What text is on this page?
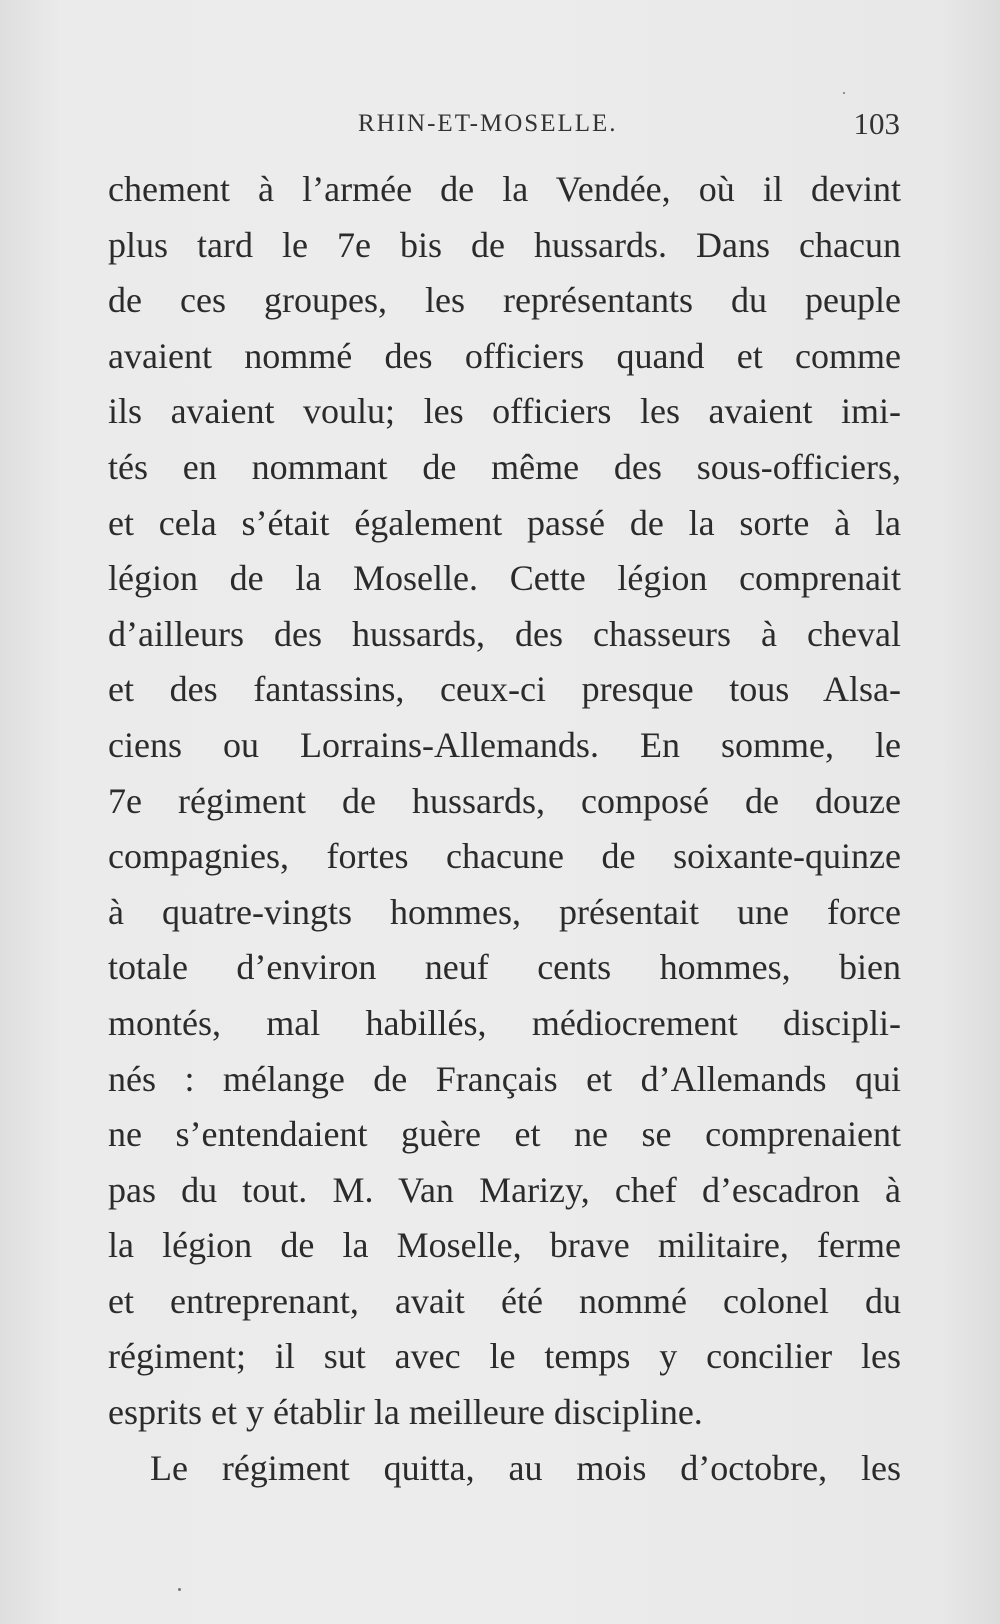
RHIN-ET-MOSELLE.	103
chement à l’armée de la Vendée, où il devint
plus tard le 7e bis de hussards. Dans chacun
de ces groupes, les représentants du peuple
avaient nommé des officiers quand et comme
ils avaient voulu; les officiers les avaient imi-
tés en nommant de même des sous-officiers,
et cela s’était également passé de la sorte à la
légion de la Moselle. Cette légion comprenait
d’ailleurs des hussards, des chasseurs à cheval
et des fantassins, ceux-ci presque tous Alsa-
ciens ou Lorrains-Allemands. En somme, le
7e régiment de hussards, composé de douze
compagnies, fortes chacune de soixante-quinze
à quatre-vingts hommes, présentait une force
totale d’environ neuf cents hommes, bien
montés, mal habillés, médiocrement discipli-
nés : mélange de Français et d’Allemands qui
ne s’entendaient guère et ne se comprenaient
pas du tout. M. Van Marizy, chef d’escadron à
la légion de la Moselle, brave militaire, ferme
et entreprenant, avait été nommé colonel du
régiment; il sut avec le temps y concilier les
esprits et y établir la meilleure discipline.
Le régiment quitta, au mois d’octobre, les
